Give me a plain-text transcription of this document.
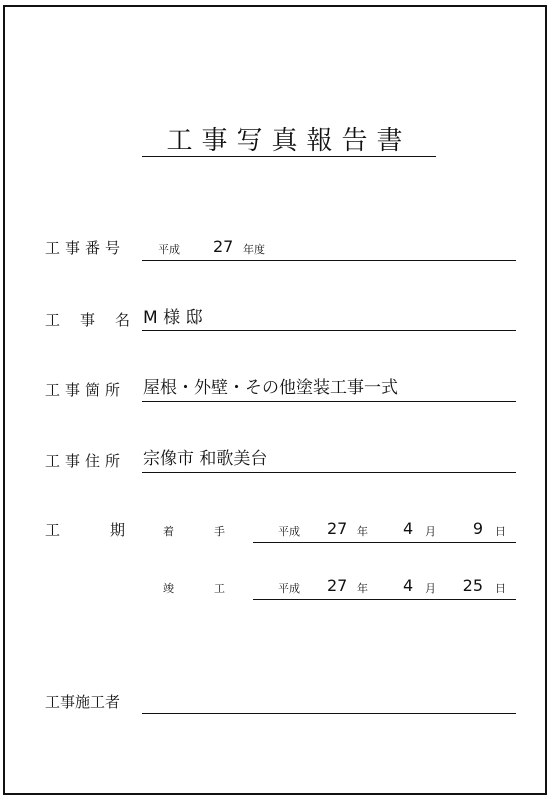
工事写真報告書
工事番号	平成 27 年度
工事名
M 様 邸
工事箇所 屋根・外壁・その他塗装工事一式
工事住所 宗像市 和歌美台
工期
着手 平成 27 年 4 月	9 日
竣工 平成 27 年 4 月	25 日
工事施工者
